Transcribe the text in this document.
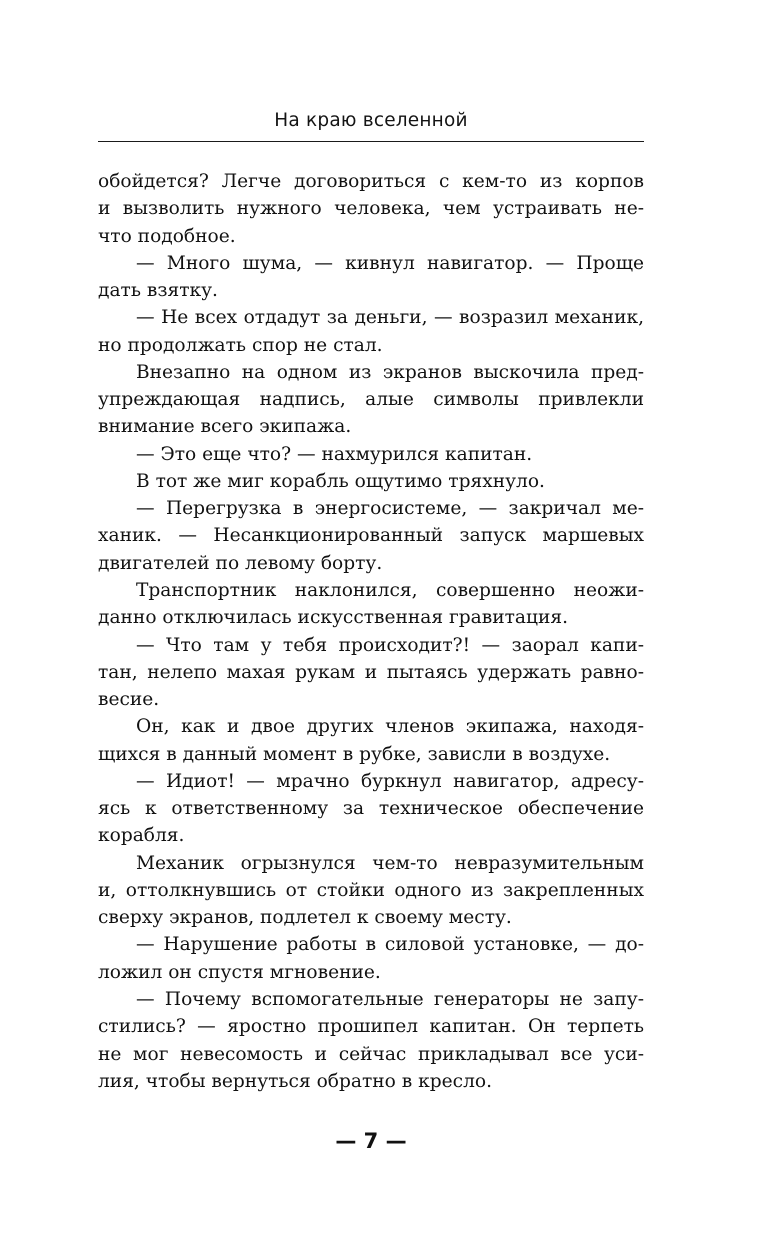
На краю вселенной
обойдется? Легче договориться с кем-то из корпов
и вызволить нужного человека, чем устраивать не-
что подобное.
— Много шума, — кивнул навигатор. — Проще
дать взятку.
— Не всех отдадут за деньги, — возразил механик,
но продолжать спор не стал.
Внезапно на одном из экранов выскочила пред-
упреждающая надпись, алые символы привлекли
внимание всего экипажа.
— Это еще что? — нахмурился капитан.
В тот же миг корабль ощутимо тряхнуло.
— Перегрузка в энергосистеме, — закричал ме-
ханик. — Несанкционированный запуск маршевых
двигателей по левому борту.
Транспортник наклонился, совершенно неожи-
данно отключилась искусственная гравитация.
— Что там у тебя происходит?! — заорал капи-
тан, нелепо махая рукам и пытаясь удержать равно-
весие.
Он, как и двое других членов экипажа, находя-
щихся в данный момент в рубке, зависли в воздухе.
— Идиот! — мрачно буркнул навигатор, адресу-
ясь к ответственному за техническое обеспечение
корабля.
Механик огрызнулся чем-то невразумительным
и, оттолкнувшись от стойки одного из закрепленных
сверху экранов, подлетел к своему месту.
— Нарушение работы в силовой установке, — до-
ложил он спустя мгновение.
— Почему вспомогательные генераторы не запу-
стились? — яростно прошипел капитан. Он терпеть
не мог невесомость и сейчас прикладывал все уси-
лия, чтобы вернуться обратно в кресло.
— 7 —
